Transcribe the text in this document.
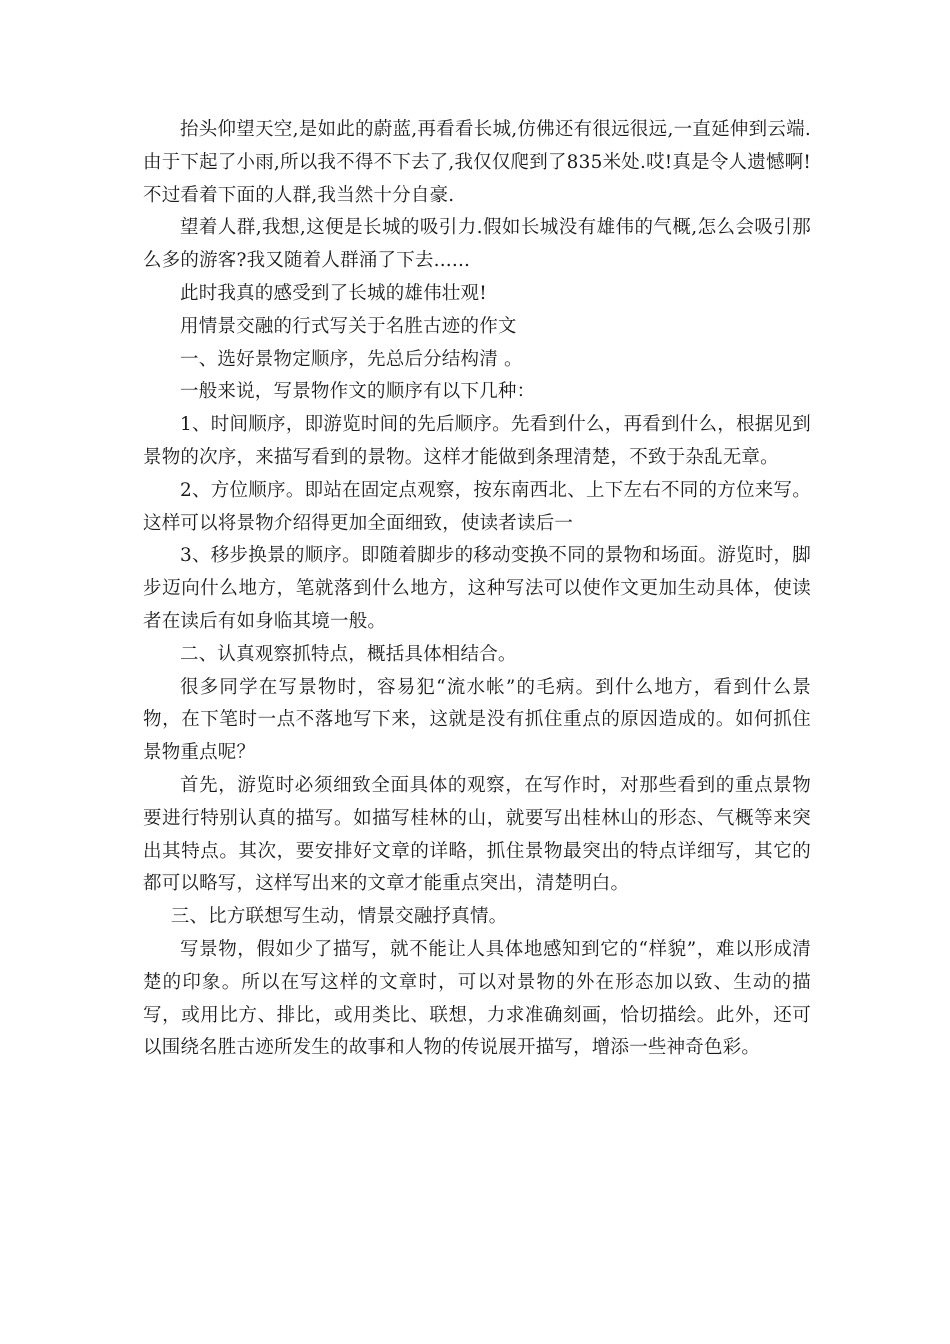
抬头仰望天空,是如此的蔚蓝,再看看长城,仿佛还有很远很远,一直延伸到云端.由于下起了小雨,所以我不得不下去了,我仅仅爬到了835米处.哎!真是令人遗憾啊!不过看着下面的人群,我当然十分自豪.

望着人群,我想,这便是长城的吸引力.假如长城没有雄伟的气概,怎么会吸引那么多的游客?我又随着人群涌了下去......

此时我真的感受到了长城的雄伟壮观!

用情景交融的行式写关于名胜古迹的作文

一、选好景物定顺序，先总后分结构清 。

一般来说，写景物作文的顺序有以下几种：

1、时间顺序，即游览时间的先后顺序。先看到什么，再看到什么，根据见到景物的次序，来描写看到的景物。这样才能做到条理清楚，不致于杂乱无章。

2、方位顺序。即站在固定点观察，按东南西北、上下左右不同的方位来写。这样可以将景物介绍得更加全面细致，使读者读后一

3、移步换景的顺序。即随着脚步的移动变换不同的景物和场面。游览时，脚步迈向什么地方，笔就落到什么地方，这种写法可以使作文更加生动具体，使读者在读后有如身临其境一般。

二、认真观察抓特点，概括具体相结合。

很多同学在写景物时，容易犯“流水帐”的毛病。到什么地方，看到什么景物，在下笔时一点不落地写下来，这就是没有抓住重点的原因造成的。如何抓住景物重点呢？

首先，游览时必须细致全面具体的观察，在写作时，对那些看到的重点景物要进行特别认真的描写。如描写桂林的山，就要写出桂林山的形态、气概等来突出其特点。其次，要安排好文章的详略，抓住景物最突出的特点详细写，其它的都可以略写，这样写出来的文章才能重点突出，清楚明白。

三、比方联想写生动，情景交融抒真情。

写景物，假如少了描写，就不能让人具体地感知到它的“样貌”，难以形成清楚的印象。所以在写这样的文章时，可以对景物的外在形态加以致、生动的描写，或用比方、排比，或用类比、联想，力求准确刻画，恰切描绘。此外，还可以围绕名胜古迹所发生的故事和人物的传说展开描写，增添一些神奇色彩。
